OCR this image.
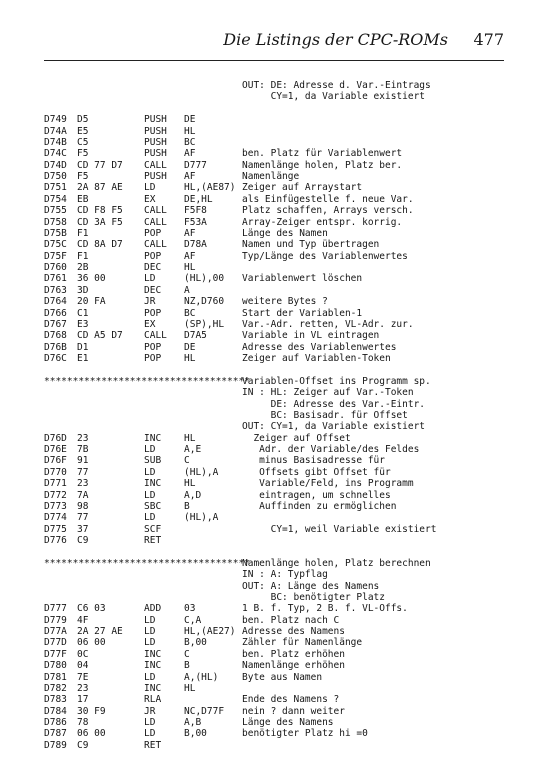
Die Listings der CPC-ROMs 477
OUT: DE: Adresse d. Var.-Eintrags
CY=1, da Variable existiert
D749 D5	PUSH DE
D74A E5	PUSH HL
D74B C5	PUSH BC
D74C F5	PUSH AF	ben. Platz für Variablenwert
D74D CD 77 D7 CALL D777	Namenlänge holen, Platz ber.
D750 F5	PUSH AF	Namenlänge
D751 2A 87 AE LD	HL,(AE87) Zeiger auf Arraystart
D754 EB	EX	DE,HL	als Einfügestelle f. neue Var.
D755 CD F8 F5 CALL F5F8	Platz schaffen, Arrays versch.
D758 CD 3A F5 CALL F53A	Array-Zeiger entspr. korrig.
D75B F1	POP AF	Länge des Namen
D75C CD 8A D7 CALL D78A	Namen und Typ übertragen
D75F F1	POP AF	Typ/Länge des Variablenwertes
D760 2B	DEC HL
D761 36 00	LD	(HL),00 Variablenwert löschen
D763 3D	DEC A
D764 20 FA	JR	NZ,D760 weitere Bytes ?
D766 C1	POP BC	Start der Variablen-1
D767 E3	EX	(SP),HL Var.-Adr. retten, VL-Adr. zur.
D768 CD A5 D7 CALL D7A5	Variable in VL eintragen
D76B D1	POP DE	Adresse des Variablenwertes
D76C E1	POP HL	Zeiger auf Variablen-Token
************************************
Variablen-Offset ins Programm sp.
IN : HL: Zeiger auf Var.-Token
DE: Adresse des Var.-Eintr.
BC: Basisadr. für Offset
OUT: CY=1, da Variable existiert
D76D 23	INC HL	Zeiger auf Offset
D76E 7B	LD	A,E	Adr. der Variable/des Feldes
D76F 91	SUB C	minus Basisadresse für
D770 77	LD	(HL),A Offsets gibt Offset für
D771 23	INC HL	Variable/Feld, ins Programm
D772 7A	LD	A,D	eintragen, um schnelles
D773 98	SBC B	Auffinden zu ermöglichen
D774 77	LD	(HL),A
D775 37	SCF	CY=1, weil Variable existiert
D776 C9	RET
************************************
Namenlänge holen, Platz berechnen
IN : A: Typflag
OUT: A: Länge des Namens
BC: benötigter Platz
D777 C6 03	ADD 03	1 B. f. Typ, 2 B. f. VL-Offs.
D779 4F	LD	C,A	ben. Platz nach C
D77A 2A 27 AE LD	HL,(AE27) Adresse des Namens
D77D 06 00	LD	B,00	Zähler für Namenlänge
D77F 0C	INC C	ben. Platz erhöhen
D780 04	INC B	Namenlänge erhöhen
D781 7E	LD	A,(HL) Byte aus Namen
D782 23	INC HL
D783 17	RLA	Ende des Namens ?
D784 30 F9	JR	NC,D77F nein ? dann weiter
D786 78	LD	A,B	Länge des Namens
D787 06 00	LD	B,00	benötigter Platz hi =0
D789 C9	RET
